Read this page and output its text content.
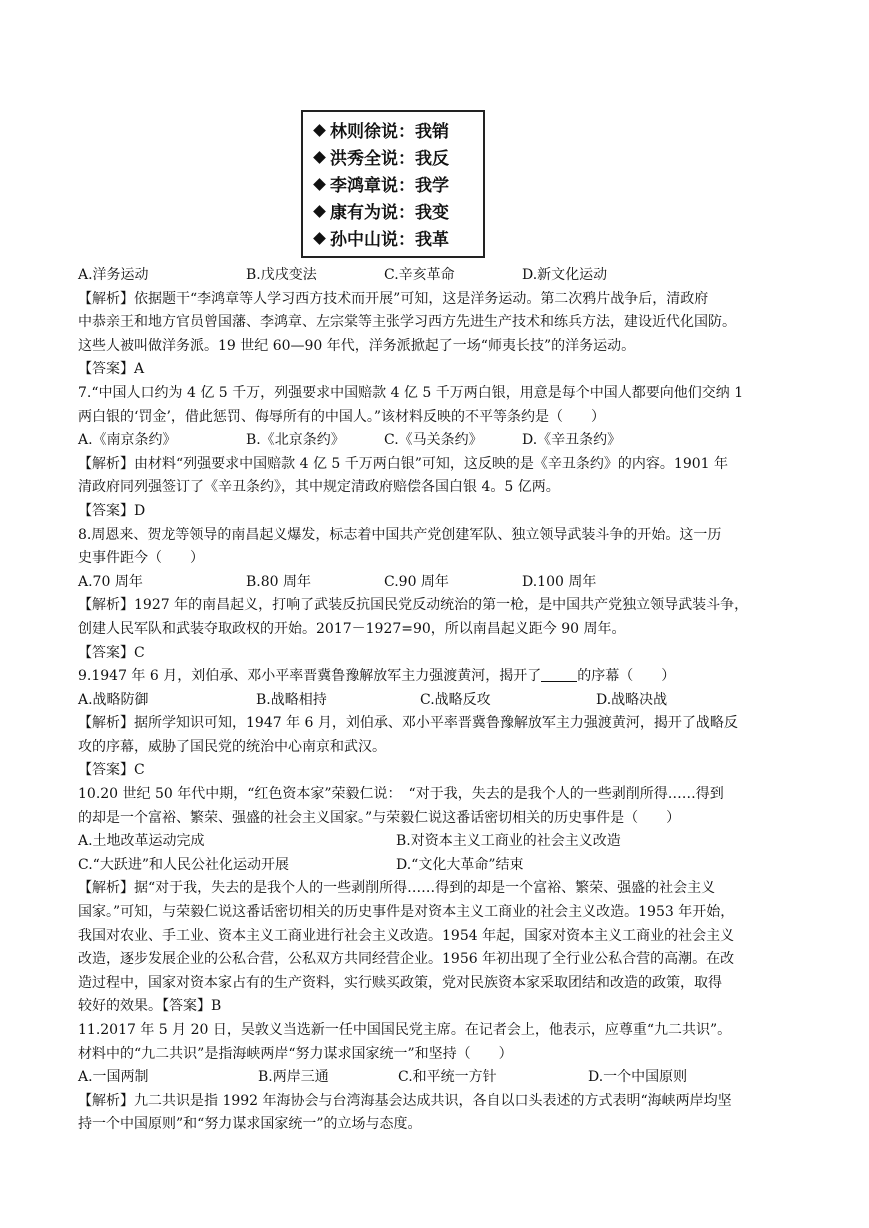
林则徐说：我销
洪秀全说：我反
李鸿章说：我学
康有为说：我变
孙中山说：我革
A.洋务运动	B.戊戌变法	C.辛亥革命	D.新文化运动
【解析】依据题干“李鸿章等人学习西方技术而开展”可知，这是洋务运动。第二次鸦片战争后，清政府
中恭亲王和地方官员曾国藩、李鸿章、左宗棠等主张学习西方先进生产技术和练兵方法，建设近代化国防。
这些人被叫做洋务派。19 世纪 60—90 年代，洋务派掀起了一场“师夷长技”的洋务运动。
【答案】A
7.“中国人口约为 4 亿 5 千万，列强要求中国赔款 4 亿 5 千万两白银，用意是每个中国人都要向他们交纳 1
两白银的‘罚金’，借此惩罚、侮辱所有的中国人。”该材料反映的不平等条约是（　　）
A.《南京条约》	B.《北京条约》	C.《马关条约》	D.《辛丑条约》
【解析】由材料“列强要求中国赔款 4 亿 5 千万两白银”可知，这反映的是《辛丑条约》的内容。1901 年
清政府同列强签订了《辛丑条约》，其中规定清政府赔偿各国白银 4。5 亿两。
【答案】D
8.周恩来、贺龙等领导的南昌起义爆发，标志着中国共产党创建军队、独立领导武装斗争的开始。这一历
史事件距今（　　）
A.70 周年	B.80 周年	C.90 周年	D.100 周年
【解析】1927 年的南昌起义，打响了武装反抗国民党反动统治的第一枪，是中国共产党独立领导武装斗争，
创建人民军队和武装夺取政权的开始。2017－1927=90，所以南昌起义距今 90 周年。
【答案】C
9.1947 年 6 月，刘伯承、邓小平率晋冀鲁豫解放军主力强渡黄河，揭开了	的序幕（　　）
A.战略防御	B.战略相持	C.战略反攻	D.战略决战
【解析】据所学知识可知，1947 年 6 月，刘伯承、邓小平率晋冀鲁豫解放军主力强渡黄河，揭开了战略反
攻的序幕，威胁了国民党的统治中心南京和武汉。
【答案】C
10.20 世纪 50 年代中期，“红色资本家”荣毅仁说：　“对于我，失去的是我个人的一些剥削所得……得到
的却是一个富裕、繁荣、强盛的社会主义国家。”与荣毅仁说这番话密切相关的历史事件是（　　）
A.土地改革运动完成	B.对资本主义工商业的社会主义改造
C.“大跃进”和人民公社化运动开展	D.“文化大革命”结束
【解析】据“对于我，失去的是我个人的一些剥削所得……得到的却是一个富裕、繁荣、强盛的社会主义
国家。”可知，与荣毅仁说这番话密切相关的历史事件是对资本主义工商业的社会主义改造。1953 年开始，
我国对农业、手工业、资本主义工商业进行社会主义改造。1954 年起，国家对资本主义工商业的社会主义
改造，逐步发展企业的公私合营，公私双方共同经营企业。1956 年初出现了全行业公私合营的高潮。在改
造过程中，国家对资本家占有的生产资料，实行赎买政策，党对民族资本家采取团结和改造的政策，取得
较好的效果。【答案】B
11.2017 年 5 月 20 日，吴敦义当选新一任中国国民党主席。在记者会上，他表示，应尊重“九二共识”。
材料中的“九二共识”是指海峡两岸“努力谋求国家统一”和坚持（　　）
A.一国两制	B.两岸三通	C.和平统一方针	D.一个中国原则
【解析】九二共识是指 1992 年海协会与台湾海基会达成共识，各自以口头表述的方式表明“海峡两岸均坚
持一个中国原则”和“努力谋求国家统一”的立场与态度。
